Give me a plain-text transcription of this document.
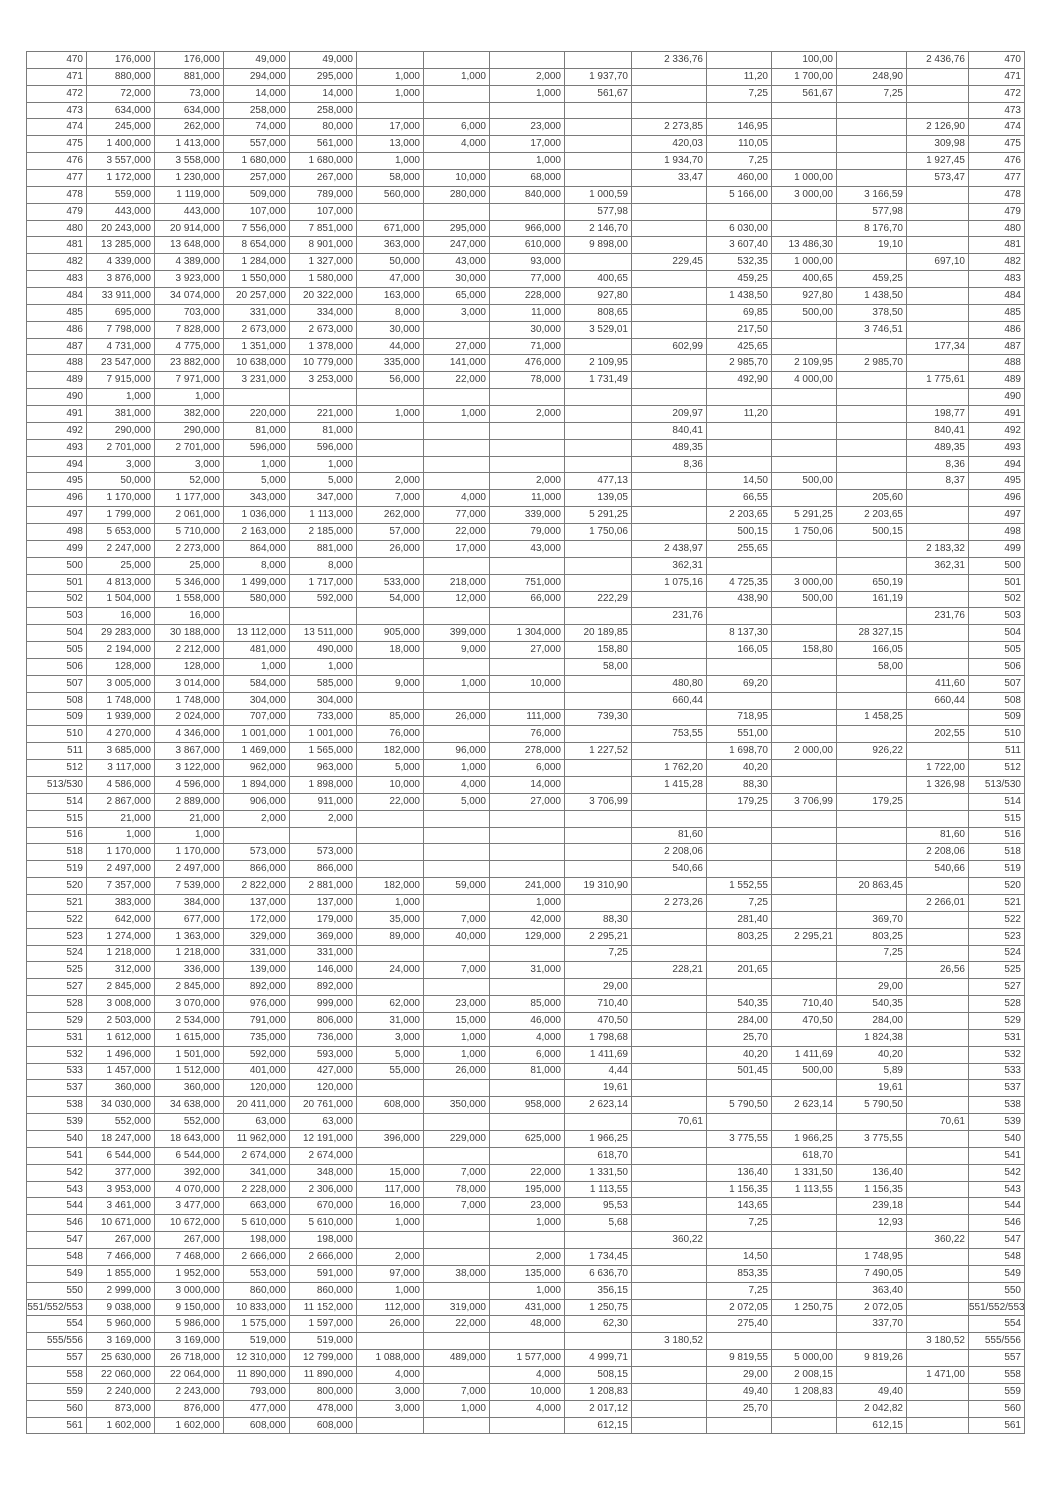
470	176,000	176,000	49,000	49,000					2 336,76		100,00		2 436,76	470

471	880,000	881,000	294,000	295,000	1,000	1,000	2,000	1 937,70		11,20	1 700,00	248,90		471

472	72,000	73,000	14,000	14,000	1,000		1,000	561,67		7,25	561,67	7,25		472

473	634,000	634,000	258,000	258,000										473

474	245,000	262,000	74,000	80,000	17,000	6,000	23,000		2 273,85	146,95			2 126,90	474

475	1 400,000	1 413,000	557,000	561,000	13,000	4,000	17,000		420,03	110,05			309,98	475

476	3 557,000	3 558,000	1 680,000	1 680,000	1,000		1,000		1 934,70	7,25			1 927,45	476

477	1 172,000	1 230,000	257,000	267,000	58,000	10,000	68,000		33,47	460,00	1 000,00		573,47	477

478	559,000	1 119,000	509,000	789,000	560,000	280,000	840,000	1 000,59		5 166,00	3 000,00	3 166,59		478

479	443,000	443,000	107,000	107,000				577,98				577,98		479

480	20 243,000	20 914,000	7 556,000	7 851,000	671,000	295,000	966,000	2 146,70		6 030,00		8 176,70		480

481	13 285,000	13 648,000	8 654,000	8 901,000	363,000	247,000	610,000	9 898,00		3 607,40	13 486,30	19,10		481

482	4 339,000	4 389,000	1 284,000	1 327,000	50,000	43,000	93,000		229,45	532,35	1 000,00		697,10	482

483	3 876,000	3 923,000	1 550,000	1 580,000	47,000	30,000	77,000	400,65		459,25	400,65	459,25		483

484	33 911,000	34 074,000	20 257,000	20 322,000	163,000	65,000	228,000	927,80		1 438,50	927,80	1 438,50		484

485	695,000	703,000	331,000	334,000	8,000	3,000	11,000	808,65		69,85	500,00	378,50		485

486	7 798,000	7 828,000	2 673,000	2 673,000	30,000		30,000	3 529,01		217,50		3 746,51		486

487	4 731,000	4 775,000	1 351,000	1 378,000	44,000	27,000	71,000		602,99	425,65			177,34	487

488	23 547,000	23 882,000	10 638,000	10 779,000	335,000	141,000	476,000	2 109,95		2 985,70	2 109,95	2 985,70		488

489	7 915,000	7 971,000	3 231,000	3 253,000	56,000	22,000	78,000	1 731,49		492,90	4 000,00		1 775,61	489

490	1,000	1,000												490

491	381,000	382,000	220,000	221,000	1,000	1,000	2,000		209,97	11,20			198,77	491

492	290,000	290,000	81,000	81,000					840,41				840,41	492

493	2 701,000	2 701,000	596,000	596,000					489,35				489,35	493

494	3,000	3,000	1,000	1,000					8,36				8,36	494

495	50,000	52,000	5,000	5,000	2,000		2,000	477,13		14,50	500,00		8,37	495

496	1 170,000	1 177,000	343,000	347,000	7,000	4,000	11,000	139,05		66,55		205,60		496

497	1 799,000	2 061,000	1 036,000	1 113,000	262,000	77,000	339,000	5 291,25		2 203,65	5 291,25	2 203,65		497

498	5 653,000	5 710,000	2 163,000	2 185,000	57,000	22,000	79,000	1 750,06		500,15	1 750,06	500,15		498

499	2 247,000	2 273,000	864,000	881,000	26,000	17,000	43,000		2 438,97	255,65			2 183,32	499

500	25,000	25,000	8,000	8,000					362,31				362,31	500

501	4 813,000	5 346,000	1 499,000	1 717,000	533,000	218,000	751,000		1 075,16	4 725,35	3 000,00	650,19		501

502	1 504,000	1 558,000	580,000	592,000	54,000	12,000	66,000	222,29		438,90	500,00	161,19		502

503	16,000	16,000							231,76				231,76	503

504	29 283,000	30 188,000	13 112,000	13 511,000	905,000	399,000	1 304,000	20 189,85		8 137,30		28 327,15		504

505	2 194,000	2 212,000	481,000	490,000	18,000	9,000	27,000	158,80		166,05	158,80	166,05		505

506	128,000	128,000	1,000	1,000				58,00				58,00		506

507	3 005,000	3 014,000	584,000	585,000	9,000	1,000	10,000		480,80	69,20			411,60	507

508	1 748,000	1 748,000	304,000	304,000					660,44				660,44	508

509	1 939,000	2 024,000	707,000	733,000	85,000	26,000	111,000	739,30		718,95		1 458,25		509

510	4 270,000	4 346,000	1 001,000	1 001,000	76,000		76,000		753,55	551,00			202,55	510

511	3 685,000	3 867,000	1 469,000	1 565,000	182,000	96,000	278,000	1 227,52		1 698,70	2 000,00	926,22		511

512	3 117,000	3 122,000	962,000	963,000	5,000	1,000	6,000		1 762,20	40,20			1 722,00	512

513/530	4 586,000	4 596,000	1 894,000	1 898,000	10,000	4,000	14,000		1 415,28	88,30			1 326,98	513/530

514	2 867,000	2 889,000	906,000	911,000	22,000	5,000	27,000	3 706,99		179,25	3 706,99	179,25		514

515	21,000	21,000	2,000	2,000										515

516	1,000	1,000							81,60				81,60	516

518	1 170,000	1 170,000	573,000	573,000					2 208,06				2 208,06	518

519	2 497,000	2 497,000	866,000	866,000					540,66				540,66	519

520	7 357,000	7 539,000	2 822,000	2 881,000	182,000	59,000	241,000	19 310,90		1 552,55		20 863,45		520

521	383,000	384,000	137,000	137,000	1,000		1,000		2 273,26	7,25			2 266,01	521

522	642,000	677,000	172,000	179,000	35,000	7,000	42,000	88,30		281,40		369,70		522

523	1 274,000	1 363,000	329,000	369,000	89,000	40,000	129,000	2 295,21		803,25	2 295,21	803,25		523

524	1 218,000	1 218,000	331,000	331,000				7,25				7,25		524

525	312,000	336,000	139,000	146,000	24,000	7,000	31,000		228,21	201,65			26,56	525

527	2 845,000	2 845,000	892,000	892,000				29,00				29,00		527

528	3 008,000	3 070,000	976,000	999,000	62,000	23,000	85,000	710,40		540,35	710,40	540,35		528

529	2 503,000	2 534,000	791,000	806,000	31,000	15,000	46,000	470,50		284,00	470,50	284,00		529

531	1 612,000	1 615,000	735,000	736,000	3,000	1,000	4,000	1 798,68		25,70		1 824,38		531

532	1 496,000	1 501,000	592,000	593,000	5,000	1,000	6,000	1 411,69		40,20	1 411,69	40,20		532

533	1 457,000	1 512,000	401,000	427,000	55,000	26,000	81,000	4,44		501,45	500,00	5,89		533

537	360,000	360,000	120,000	120,000				19,61				19,61		537

538	34 030,000	34 638,000	20 411,000	20 761,000	608,000	350,000	958,000	2 623,14		5 790,50	2 623,14	5 790,50		538

539	552,000	552,000	63,000	63,000					70,61				70,61	539

540	18 247,000	18 643,000	11 962,000	12 191,000	396,000	229,000	625,000	1 966,25		3 775,55	1 966,25	3 775,55		540

541	6 544,000	6 544,000	2 674,000	2 674,000				618,70			618,70			541

542	377,000	392,000	341,000	348,000	15,000	7,000	22,000	1 331,50		136,40	1 331,50	136,40		542

543	3 953,000	4 070,000	2 228,000	2 306,000	117,000	78,000	195,000	1 113,55		1 156,35	1 113,55	1 156,35		543

544	3 461,000	3 477,000	663,000	670,000	16,000	7,000	23,000	95,53		143,65		239,18		544

546	10 671,000	10 672,000	5 610,000	5 610,000	1,000		1,000	5,68		7,25		12,93		546

547	267,000	267,000	198,000	198,000					360,22				360,22	547

548	7 466,000	7 468,000	2 666,000	2 666,000	2,000		2,000	1 734,45		14,50		1 748,95		548

549	1 855,000	1 952,000	553,000	591,000	97,000	38,000	135,000	6 636,70		853,35		7 490,05		549

550	2 999,000	3 000,000	860,000	860,000	1,000		1,000	356,15		7,25		363,40		550

551/552/553	9 038,000	9 150,000	10 833,000	11 152,000	112,000	319,000	431,000	1 250,75		2 072,05	1 250,75	2 072,05		551/552/553

554	5 960,000	5 986,000	1 575,000	1 597,000	26,000	22,000	48,000	62,30		275,40		337,70		554

555/556	3 169,000	3 169,000	519,000	519,000					3 180,52				3 180,52	555/556

557	25 630,000	26 718,000	12 310,000	12 799,000	1 088,000	489,000	1 577,000	4 999,71		9 819,55	5 000,00	9 819,26		557

558	22 060,000	22 064,000	11 890,000	11 890,000	4,000		4,000	508,15		29,00	2 008,15		1 471,00	558

559	2 240,000	2 243,000	793,000	800,000	3,000	7,000	10,000	1 208,83		49,40	1 208,83	49,40		559

560	873,000	876,000	477,000	478,000	3,000	1,000	4,000	2 017,12		25,70		2 042,82		560

561	1 602,000	1 602,000	608,000	608,000				612,15				612,15		561
